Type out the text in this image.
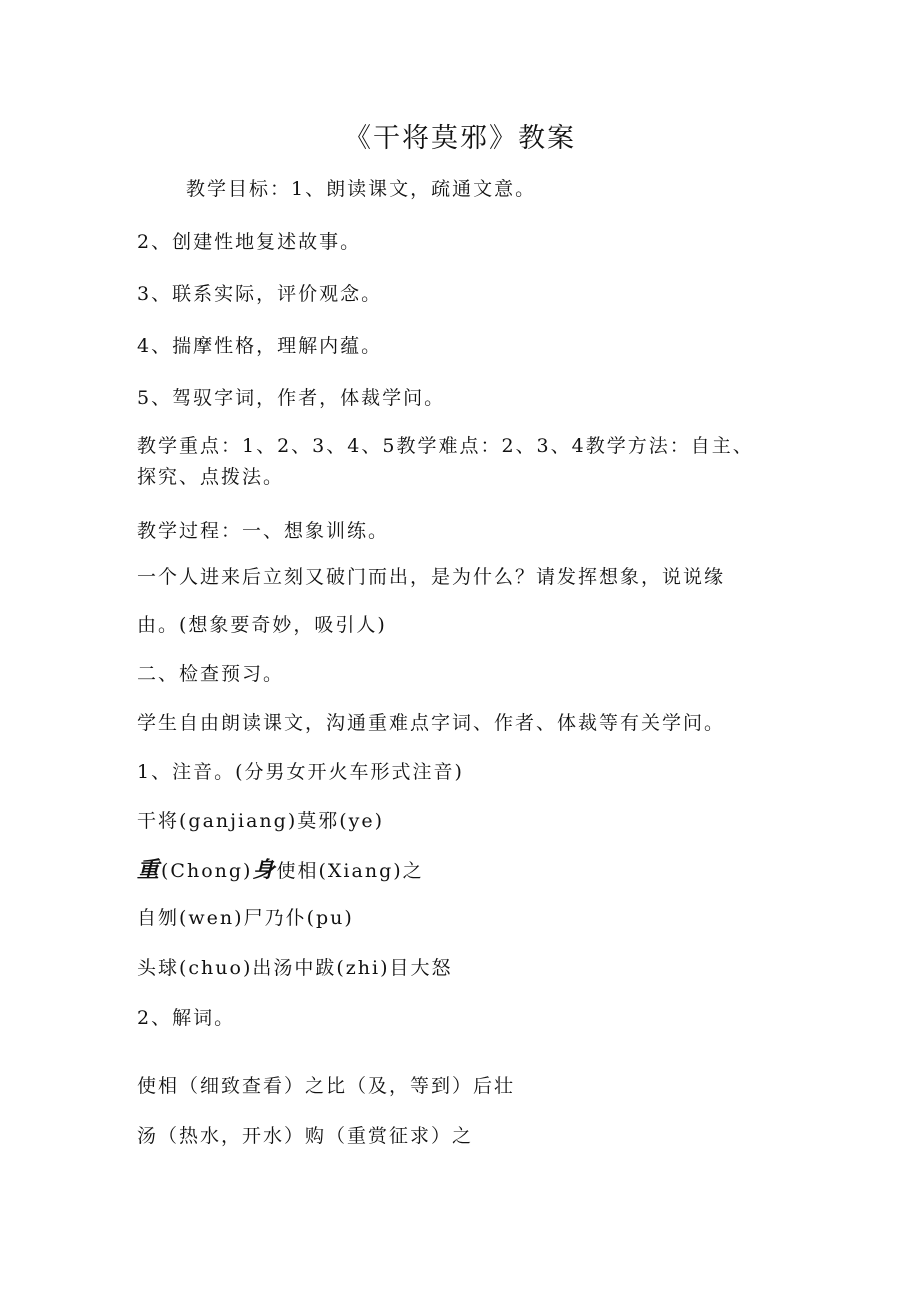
《干将莫邪》教案
教学目标：1、朗读课文，疏通文意。
2、创建性地复述故事。
3、联系实际，评价观念。
4、揣摩性格，理解内蕴。
5、驾驭字词，作者，体裁学问。
教学重点：1、2、3、4、5教学难点：2、3、4教学方法：自主、探究、点拨法。
教学过程：一、想象训练。
一个人进来后立刻又破门而出，是为什么？请发挥想象，说说缘
由。(想象要奇妙，吸引人)
二、检查预习。
学生自由朗读课文，沟通重难点字词、作者、体裁等有关学问。
1、注音。(分男女开火车形式注音)
干将(ganjiang)莫邪(ye)
重(Chong)身使相(Xiang)之
自刎(wen)尸乃仆(pu)
头球(chuo)出汤中跋(zhi)目大怒
2、解词。
使相（细致查看）之比（及，等到）后壮
汤（热水，开水）购（重赏征求）之
